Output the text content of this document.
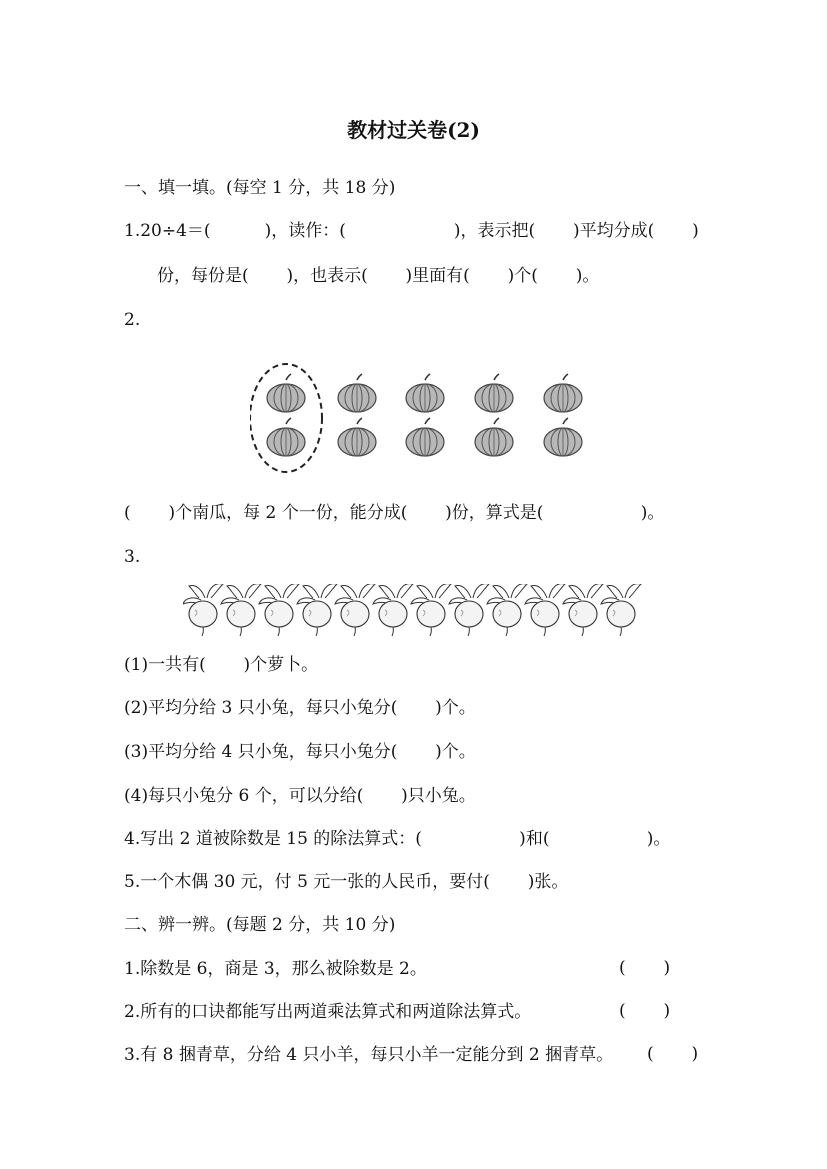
教材过关卷(2)
一、填一填。(每空 1 分，共 18 分)
1.20÷4＝(          )，读作：(                    )，表示把(       )平均分成(       )
份，每份是(       )，也表示(       )里面有(       )个(       )。
2.
(       )个南瓜，每 2 个一份，能分成(       )份，算式是(                  )。
3.
(1)一共有(       )个萝卜。
(2)平均分给 3 只小兔，每只小兔分(       )个。
(3)平均分给 4 只小兔，每只小兔分(       )个。
(4)每只小兔分 6 个，可以分给(       )只小兔。
4.写出 2 道被除数是 15 的除法算式：(                  )和(                  )。
5.一个木偶 30 元，付 5 元一张的人民币，要付(       )张。
二、辨一辨。(每题 2 分，共 10 分)
1.除数是 6，商是 3，那么被除数是 2。	(       )
2.所有的口诀都能写出两道乘法算式和两道除法算式。	(       )
3.有 8 捆青草，分给 4 只小羊，每只小羊一定能分到 2 捆青草。 (       )
